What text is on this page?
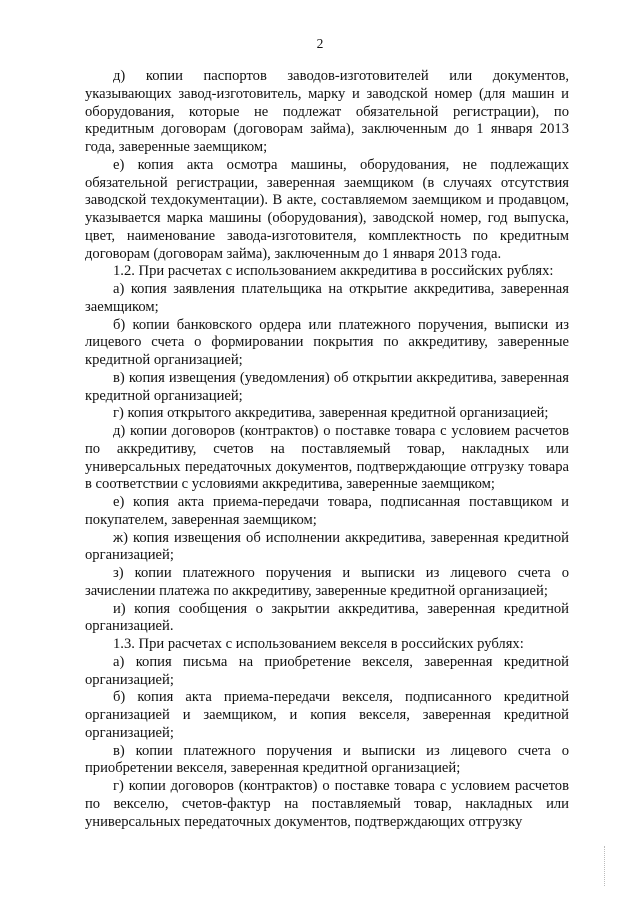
2

д) копии паспортов заводов-изготовителей или документов, указывающих завод-изготовитель, марку и заводской номер (для машин и оборудования, которые не подлежат обязательной регистрации), по кредитным договорам (договорам займа), заключенным до 1 января 2013 года, заверенные заемщиком;

е) копия акта осмотра машины, оборудования, не подлежащих обязательной регистрации, заверенная заемщиком (в случаях отсутствия заводской техдокументации). В акте, составляемом заемщиком и продавцом, указывается марка машины (оборудования), заводской номер, год выпуска, цвет, наименование завода-изготовителя, комплектность по кредитным договорам (договорам займа), заключенным до 1 января 2013 года.

1.2. При расчетах с использованием аккредитива в российских рублях:

а) копия заявления плательщика на открытие аккредитива, заверенная заемщиком;

б) копии банковского ордера или платежного поручения, выписки из лицевого счета о формировании покрытия по аккредитиву, заверенные кредитной организацией;

в) копия извещения (уведомления) об открытии аккредитива, заверенная кредитной организацией;

г) копия открытого аккредитива, заверенная кредитной организацией;

д) копии договоров (контрактов) о поставке товара с условием расчетов по аккредитиву, счетов на поставляемый товар, накладных или универсальных передаточных документов, подтверждающие отгрузку товара в соответствии с условиями аккредитива, заверенные заемщиком;

е) копия акта приема-передачи товара, подписанная поставщиком и покупателем, заверенная заемщиком;

ж) копия извещения об исполнении аккредитива, заверенная кредитной организацией;

з) копии платежного поручения и выписки из лицевого счета о зачислении платежа по аккредитиву, заверенные кредитной организацией;

и) копия сообщения о закрытии аккредитива, заверенная кредитной организацией.

1.3. При расчетах с использованием векселя в российских рублях:

а) копия письма на приобретение векселя, заверенная кредитной организацией;

б) копия акта приема-передачи векселя, подписанного кредитной организацией и заемщиком, и копия векселя, заверенная кредитной организацией;

в) копии платежного поручения и выписки из лицевого счета о приобретении векселя, заверенная кредитной организацией;

г) копии договоров (контрактов) о поставке товара с условием расчетов по векселю, счетов-фактур на поставляемый товар, накладных или универсальных передаточных документов, подтверждающих отгрузку
